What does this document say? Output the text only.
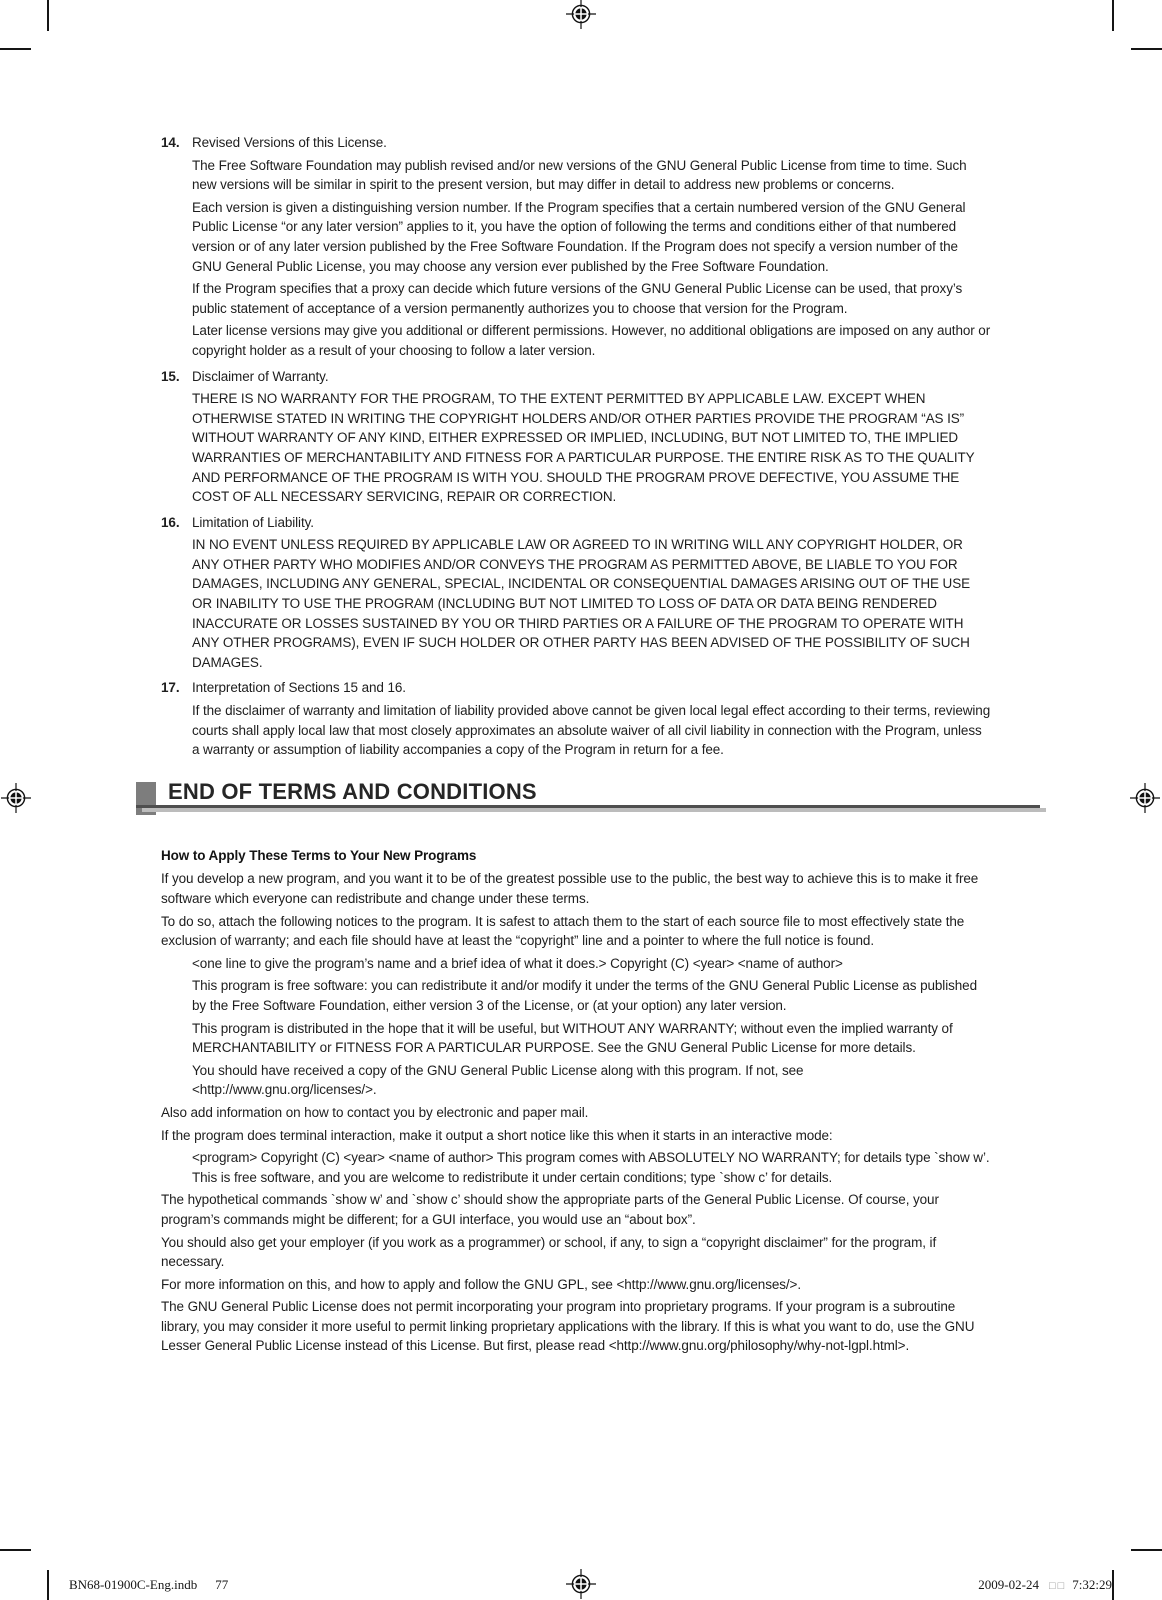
14. Revised Versions of this License.
The Free Software Foundation may publish revised and/or new versions of the GNU General Public License from time to time. Such new versions will be similar in spirit to the present version, but may differ in detail to address new problems or concerns.
Each version is given a distinguishing version number. If the Program specifies that a certain numbered version of the GNU General Public License “or any later version” applies to it, you have the option of following the terms and conditions either of that numbered version or of any later version published by the Free Software Foundation. If the Program does not specify a version number of the GNU General Public License, you may choose any version ever published by the Free Software Foundation.
If the Program specifies that a proxy can decide which future versions of the GNU General Public License can be used, that proxy’s public statement of acceptance of a version permanently authorizes you to choose that version for the Program.
Later license versions may give you additional or different permissions. However, no additional obligations are imposed on any author or copyright holder as a result of your choosing to follow a later version.
15. Disclaimer of Warranty.
THERE IS NO WARRANTY FOR THE PROGRAM, TO THE EXTENT PERMITTED BY APPLICABLE LAW. EXCEPT WHEN OTHERWISE STATED IN WRITING THE COPYRIGHT HOLDERS AND/OR OTHER PARTIES PROVIDE THE PROGRAM “AS IS” WITHOUT WARRANTY OF ANY KIND, EITHER EXPRESSED OR IMPLIED, INCLUDING, BUT NOT LIMITED TO, THE IMPLIED WARRANTIES OF MERCHANTABILITY AND FITNESS FOR A PARTICULAR PURPOSE. THE ENTIRE RISK AS TO THE QUALITY AND PERFORMANCE OF THE PROGRAM IS WITH YOU. SHOULD THE PROGRAM PROVE DEFECTIVE, YOU ASSUME THE COST OF ALL NECESSARY SERVICING, REPAIR OR CORRECTION.
16. Limitation of Liability.
IN NO EVENT UNLESS REQUIRED BY APPLICABLE LAW OR AGREED TO IN WRITING WILL ANY COPYRIGHT HOLDER, OR ANY OTHER PARTY WHO MODIFIES AND/OR CONVEYS THE PROGRAM AS PERMITTED ABOVE, BE LIABLE TO YOU FOR DAMAGES, INCLUDING ANY GENERAL, SPECIAL, INCIDENTAL OR CONSEQUENTIAL DAMAGES ARISING OUT OF THE USE OR INABILITY TO USE THE PROGRAM (INCLUDING BUT NOT LIMITED TO LOSS OF DATA OR DATA BEING RENDERED INACCURATE OR LOSSES SUSTAINED BY YOU OR THIRD PARTIES OR A FAILURE OF THE PROGRAM TO OPERATE WITH ANY OTHER PROGRAMS), EVEN IF SUCH HOLDER OR OTHER PARTY HAS BEEN ADVISED OF THE POSSIBILITY OF SUCH DAMAGES.
17. Interpretation of Sections 15 and 16.
If the disclaimer of warranty and limitation of liability provided above cannot be given local legal effect according to their terms, reviewing courts shall apply local law that most closely approximates an absolute waiver of all civil liability in connection with the Program, unless a warranty or assumption of liability accompanies a copy of the Program in return for a fee.
END OF TERMS AND CONDITIONS
How to Apply These Terms to Your New Programs
If you develop a new program, and you want it to be of the greatest possible use to the public, the best way to achieve this is to make it free software which everyone can redistribute and change under these terms.
To do so, attach the following notices to the program. It is safest to attach them to the start of each source file to most effectively state the exclusion of warranty; and each file should have at least the “copyright” line and a pointer to where the full notice is found.
<one line to give the program’s name and a brief idea of what it does.> Copyright (C) <year> <name of author>
This program is free software: you can redistribute it and/or modify it under the terms of the GNU General Public License as published by the Free Software Foundation, either version 3 of the License, or (at your option) any later version.
This program is distributed in the hope that it will be useful, but WITHOUT ANY WARRANTY; without even the implied warranty of MERCHANTABILITY or FITNESS FOR A PARTICULAR PURPOSE. See the GNU General Public License for more details.
You should have received a copy of the GNU General Public License along with this program. If not, see <http://www.gnu.org/licenses/>.
Also add information on how to contact you by electronic and paper mail.
If the program does terminal interaction, make it output a short notice like this when it starts in an interactive mode:
<program> Copyright (C) <year> <name of author> This program comes with ABSOLUTELY NO WARRANTY; for details type `show w’. This is free software, and you are welcome to redistribute it under certain conditions; type `show c’ for details.
The hypothetical commands `show w’ and `show c’ should show the appropriate parts of the General Public License. Of course, your program’s commands might be different; for a GUI interface, you would use an “about box”.
You should also get your employer (if you work as a programmer) or school, if any, to sign a “copyright disclaimer” for the program, if necessary.
For more information on this, and how to apply and follow the GNU GPL, see <http://www.gnu.org/licenses/>.
The GNU General Public License does not permit incorporating your program into proprietary programs. If your program is a subroutine library, you may consider it more useful to permit linking proprietary applications with the library. If this is what you want to do, use the GNU Lesser General Public License instead of this License. But first, please read <http://www.gnu.org/philosophy/why-not-lgpl.html>.
BN68-01900C-Eng.indb 77	2009-02-24 □□ 7:32:29
